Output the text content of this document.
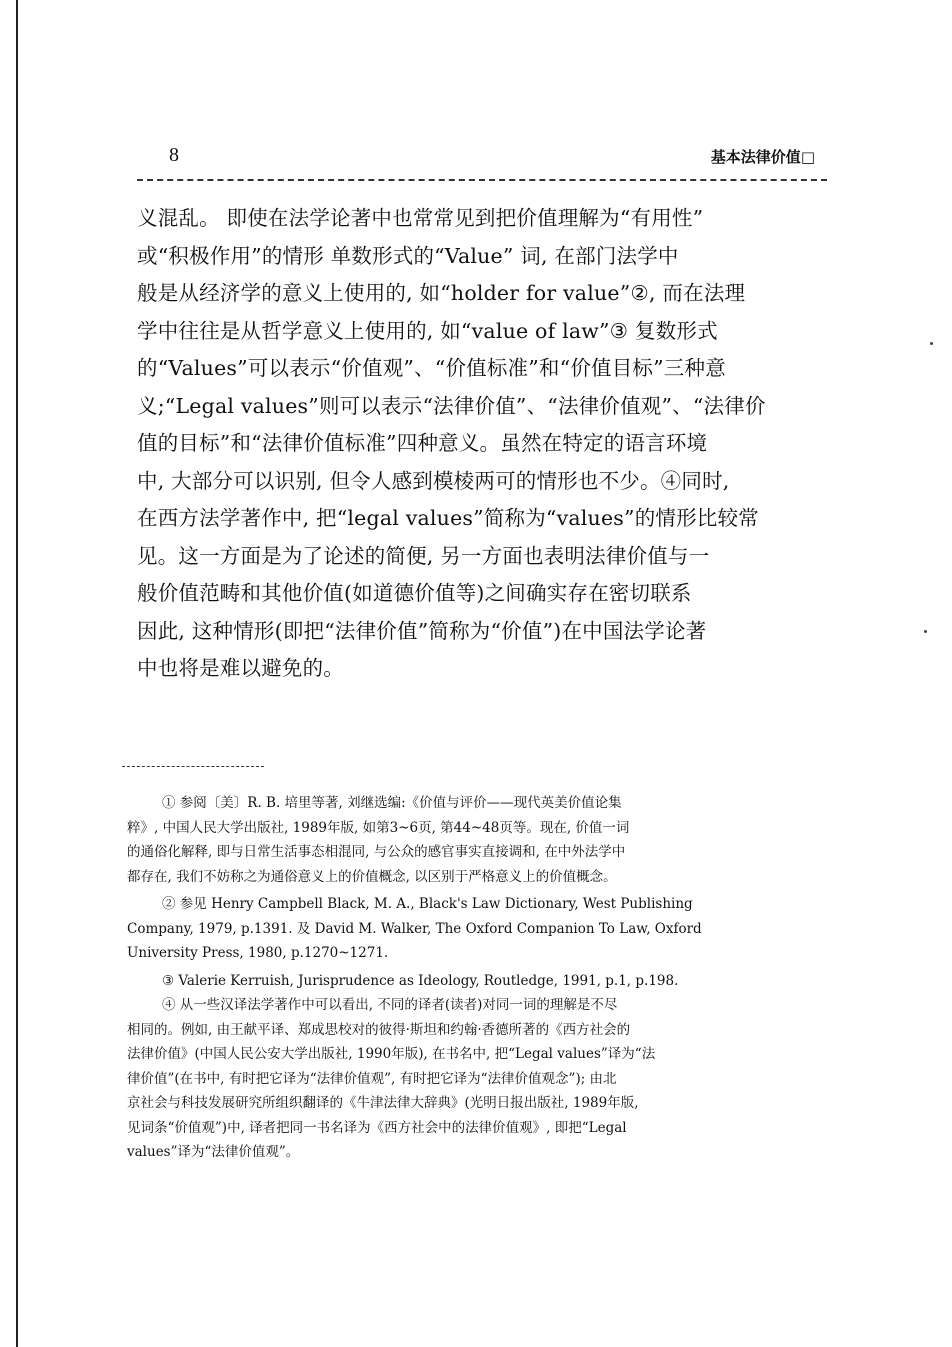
8	基本法律价值□
义混乱。 即使在法学论著中也常常见到把价值理解为“有用性”
或“积极作用”的情形 单数形式的“Value” 词, 在部门法学中
般是从经济学的意义上使用的, 如“holder for value”②, 而在法理
学中往往是从哲学意义上使用的, 如“value of law”③ 复数形式
的“Values”可以表示“价值观”、“价值标准”和“价值目标”三种意
义;“Legal values”则可以表示“法律价值”、“法律价值观”、“法律价
值的目标”和“法律价值标准”四种意义。虽然在特定的语言环境
中, 大部分可以识别, 但令人感到模棱两可的情形也不少。④同时,
在西方法学著作中, 把“legal values”简称为“values”的情形比较常
见。这一方面是为了论述的简便, 另一方面也表明法律价值与一
般价值范畴和其他价值(如道德价值等)之间确实存在密切联系
因此, 这种情形(即把“法律价值”简称为“价值”)在中国法学论著
中也将是难以避免的。
① 参阅〔美〕R. B. 培里等著, 刘继选编:《价值与评价——现代英美价值论集
粹》, 中国人民大学出版社, 1989年版, 如第3~6页, 第44~48页等。现在, 价值一词
的通俗化解释, 即与日常生活事态相混同, 与公众的感官事实直接调和, 在中外法学中
都存在, 我们不妨称之为通俗意义上的价值概念, 以区别于严格意义上的价值概念。
② 参见 Henry Campbell Black, M. A., Black's Law Dictionary, West Publishing
Company, 1979, p.1391. 及 David M. Walker, The Oxford Companion To Law, Oxford
University Press, 1980, p.1270~1271.
③ Valerie Kerruish, Jurisprudence as Ideology, Routledge, 1991, p.1, p.198.
④ 从一些汉译法学著作中可以看出, 不同的译者(读者)对同一词的理解是不尽
相同的。例如, 由王献平译、郑成思校对的彼得·斯坦和约翰·香德所著的《西方社会的
法律价值》(中国人民公安大学出版社, 1990年版), 在书名中, 把“Legal values”译为“法
律价值”(在书中, 有时把它译为“法律价值观”, 有时把它译为“法律价值观念”); 由北
京社会与科技发展研究所组织翻译的《牛津法律大辞典》(光明日报出版社, 1989年版,
见词条“价值观”)中, 译者把同一书名译为《西方社会中的法律价值观》, 即把“Legal
values”译为“法律价值观”。
